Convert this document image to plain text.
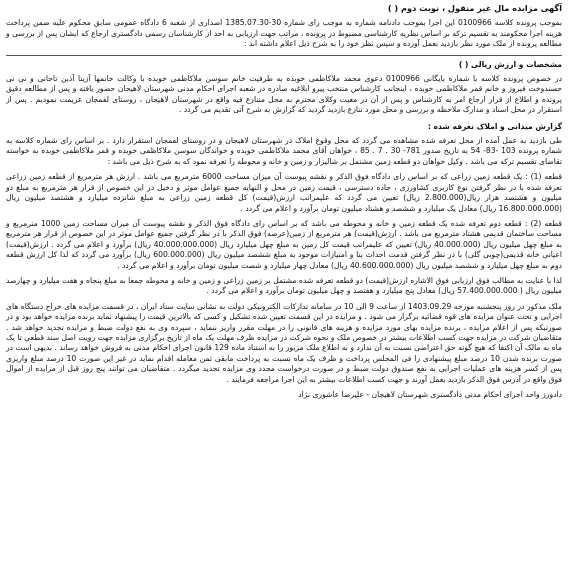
آگهی مزایده مال غیر منقول ، نوبت دوم ( )
بموجب پرونده کلاسه 0100966 این اجرا بموجب دادنامه شماره به موجب رای شماره 30-1385.07.30 اصداری از شعبه 6 دادگاه عمومی سابق محکوم علیه ضمن پرداخت هزینه اجرا محکومند به تقسیم ترکه بر اساس نظریه کارشناسی مضبوط در پرونده ، مراتب جهت ارزیابی به احد از کارشناسان رسمی دادگستری ارجاع که ایشان پس از بررسی و مطالعه پرونده از ملک مورد نظر بازدید بعمل آورده و سپس نظر خود را به شرح ذیل اعلام داشته اند :
مشخصات و ارزش ریالی ( )
در خصوص پرونده کلاسه با شماره بایگانی 0100966 دعوی محمد ملاکاظمی خوبده به طرفیت خانم سوسن ملاکاظمی خوبده با وکالت خانمها آزیتا آذین تاجانی و نی نی حسندوخت فیروز و خانم قمر ملاکاظمی خوبده ، اینجانب کارشناس منتخب پیرو ابلاغیه صادره در شعبه اجرای احکام مدنی شهرستان لاهیجان حضور یافته و پس از مطالعه دقیق پرونده و اطلاع از قرار ارجاع امر به کارشناس و پس از آن در معیت وکلای محترم به محل متنازع فیه واقع در شهرستان لاهیجان ، روستای لفمجان عزیمت نمودیم . پس از استقرار در محل اسناد و مدارک ملاحظه و بررسی و محل مورد تنازع بازدید گردید که گزارش به شرح آتی تقدیم می گردد .
گزارش میدانی و املاک تعرفه شده :
طی بازدید به عمل آمده از محل تعرفه شده مشاهده می گردد که محل وقوع املاک در شهرستان لاهیجان و در روستای لفمجان استقرار دارد . بر اساس رای شماره کلاسه به شماره پرونده 103 -83- 54 به تاریخ صدور 781- 30 . 7 . 85 ، خواهان آقای محمد ملاکاظمی خوبده و خواندگان سوسن ملاکاظمی خوبده و قمر ملاکاظمی خوبده به خواسته تقاضای تقسیم ترکه می باشد . وکیل خواهان دو قطعه زمین مشتمل بر شالیزار و زمین و خانه و محوطه را تعرفه نمود که به شرح ذیل می باشد :
قطعه (1) : یک قطعه زمین زراعی که بر اساس رای دادگاه فوق الذکر و نقشه پیوست آن میزان مساحت 6000 مترمربع می باشد . ارزش هر مترمربع از قطعه زمین زراعی تعرفه شده با در نظر گرفتن نوع کاربری کشاورزی ، جاده دسترسی ، قیمت زمین در محل و النهایه جمیع عوامل موثر و دخیل در این خصوص از قرار هر مترمربع به مبلغ دو میلیون و هشتصد هزار ریال(2.800.000 ریال) تعیین می گردد که علیمراتب ارزش(قیمت) کل قطعه زمین زراعی به مبلغ شانزده میلیارد و هشتصد میلیون ریال (16.800.000.000 ریال) معادل یک میلیارد و ششصد و هشتاد میلیون تومان برآورد و اعلام می گردد .
قطعه (2) : قطعه دوم تعرفه شده یک قطعه زمین و خانه و محوطه می باشد که بر اساس رای دادگاه فوق الذکر و نقشه پیوست آن میزان مساحت زمین 1000 مترمربع و مساحت ساختمان قدیمی هشتاد مترمربع می باشد . ارزش(قیمت) هر مترمربع از زمین(عرصه) فوق الذکر با در نظر گرفتن جمیع عوامل موثر در این خصوص از قرار هر مترمربع به مبلغ چهل میلیون ریال (40.000.000 ریال) تعیین که علیمراتب قیمت کل زمین به مبلغ چهل میلیارد ریال (40.000.000.000 ریال) برآورد و اعلام می گردد . ارزش(قیمت) اعیانی خانه قدیمی(چوبی گلی) با در نظر گرفتن قدمت احداث بنا و امتیازات موجود به مبلغ ششصد میلیون ریال (600.000.000 ریال) برآورد می گردد که لذا کل ارزش قطعه دوم به مبلغ چهل میلیارد و ششصد میلیون ریال (40.600.000.000 ریال) معادل چهار میلیارد و شصت میلیون تومان برآورد و اعلام می گردد .
لذا با عنایت به مطالب فوق ارزیابی فوق الاشاره ارزش(قیمت) دو قطعه تعرفه شده مشتمل بر زمین زراعی و زمین و خانه و محوطه جمعا به مبلغ پنجاه و هفت میلیارد و چهارصد میلیون ریال ( 57.400.000.000 ریال) معادل پنج میلیارد و هفتصد و چهل میلیون تومان برآورد و اعلام می گردد .
ملک مذکور در روز پنجشنبه مورخه 1403.09.29 از ساعت 9 الی 10 در سامانه تدارکات الکترونیکی دولت به نشانی سایت ستاد ایران ، در قسمت مزایده های خراج دستگاه های اجرایی و تحت عنوان مزایده های قوه قضائیه برگزار می شود . و مزایده در این قسمت تعیین شده تشکیل و کسی که بالاترین قیمت را پیشنهاد نماید برنده مزایده خواهد بود و در صورتیکه پس از اعلام مزایده ، برنده مزایده بهای مورد مزایده و هزینه های قانونی را در مهلت مقرر واریز ننماید ، سپرده وی به نفع دولت ضبط و مزایده تجدید خواهد شد . متقاضیان شرکت در مزایده جهت کسب اطلاعات بیشتر در خصوص ملک و نحوه شرکت در مزایده ظرف مهلت یک ماه از تاریخ برگزاری مزایده جهت رویت اصل سند قطعی تا یک ماه به مالک آن اکتفا که هیچ گونه حق اعتراضی نسبت به آن ندارد و به اطلاع ملک مزبور را به استناد ماده 129 قانون اجرای احکام مدنی به فروش خواهد رساند . بدیهی است در صورت برنده شدن 10 درصد مبلغ پیشنهادی را فی المجلس پرداخت و ظرف یک ماه نسبت به پرداخت مابقی ثمن معامله اقدام نماید در غیر این صورت 10 درصد مبلغ واریزی پس از کسر هزینه های عملیات اجرایی به نفع صندوق دولت ضبط و در صورت درخواست مجدد وی مزایده تجدید میگردد . متقاضیان می توانند پنج روز قبل از مزایده از اموال فوق واقع در آدرس فوق الذکر بازدید بعمل آورند و جهت کسب اطلاعات بیشتر به این اجرا مراجعه فرمایند .
دادورز واحد اجرای احکام مدنی دادگستری شهرستان لاهیجان - علیرضا عاشوری نژاد
